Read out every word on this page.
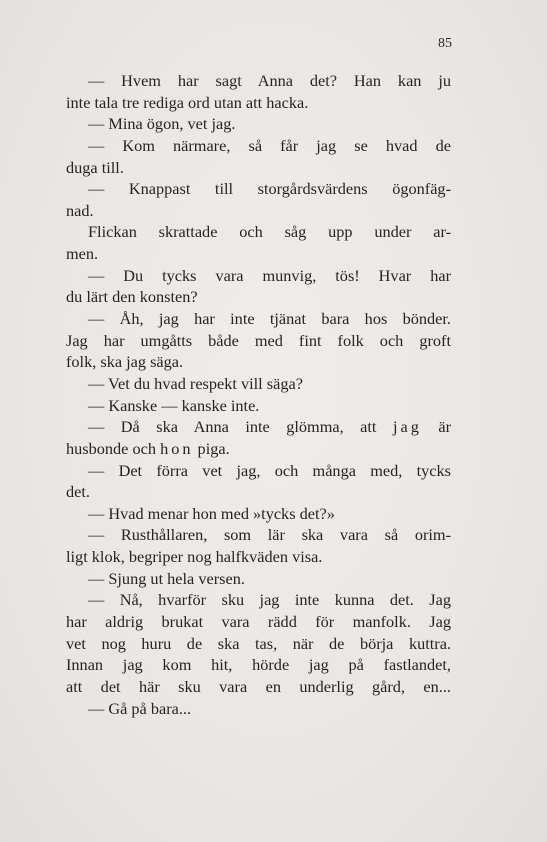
85
— Hvem har sagt Anna det? Han kan ju
inte tala tre rediga ord utan att hacka.
— Mina ögon, vet jag.
— Kom närmare, så får jag se hvad de
duga till.
— Knappast till storgårdsvärdens ögonfäg-
nad.
Flickan skrattade och såg upp under ar-
men.
— Du tycks vara munvig, tös! Hvar har
du lärt den konsten?
— Åh, jag har inte tjänat bara hos bönder.
Jag har umgåtts både med fint folk och groft
folk, ska jag säga.
— Vet du hvad respekt vill säga?
— Kanske — kanske inte.
— Då ska Anna inte glömma, att jag är
husbonde och hon piga.
— Det förra vet jag, och många med, tycks
det.
— Hvad menar hon med »tycks det?»
— Rusthållaren, som lär ska vara så orim-
ligt klok, begriper nog halfkväden visa.
— Sjung ut hela versen.
— Nå, hvarför sku jag inte kunna det. Jag
har aldrig brukat vara rädd för manfolk. Jag
vet nog huru de ska tas, när de börja kuttra.
Innan jag kom hit, hörde jag på fastlandet,
att det här sku vara en underlig gård, en...
— Gå på bara...
